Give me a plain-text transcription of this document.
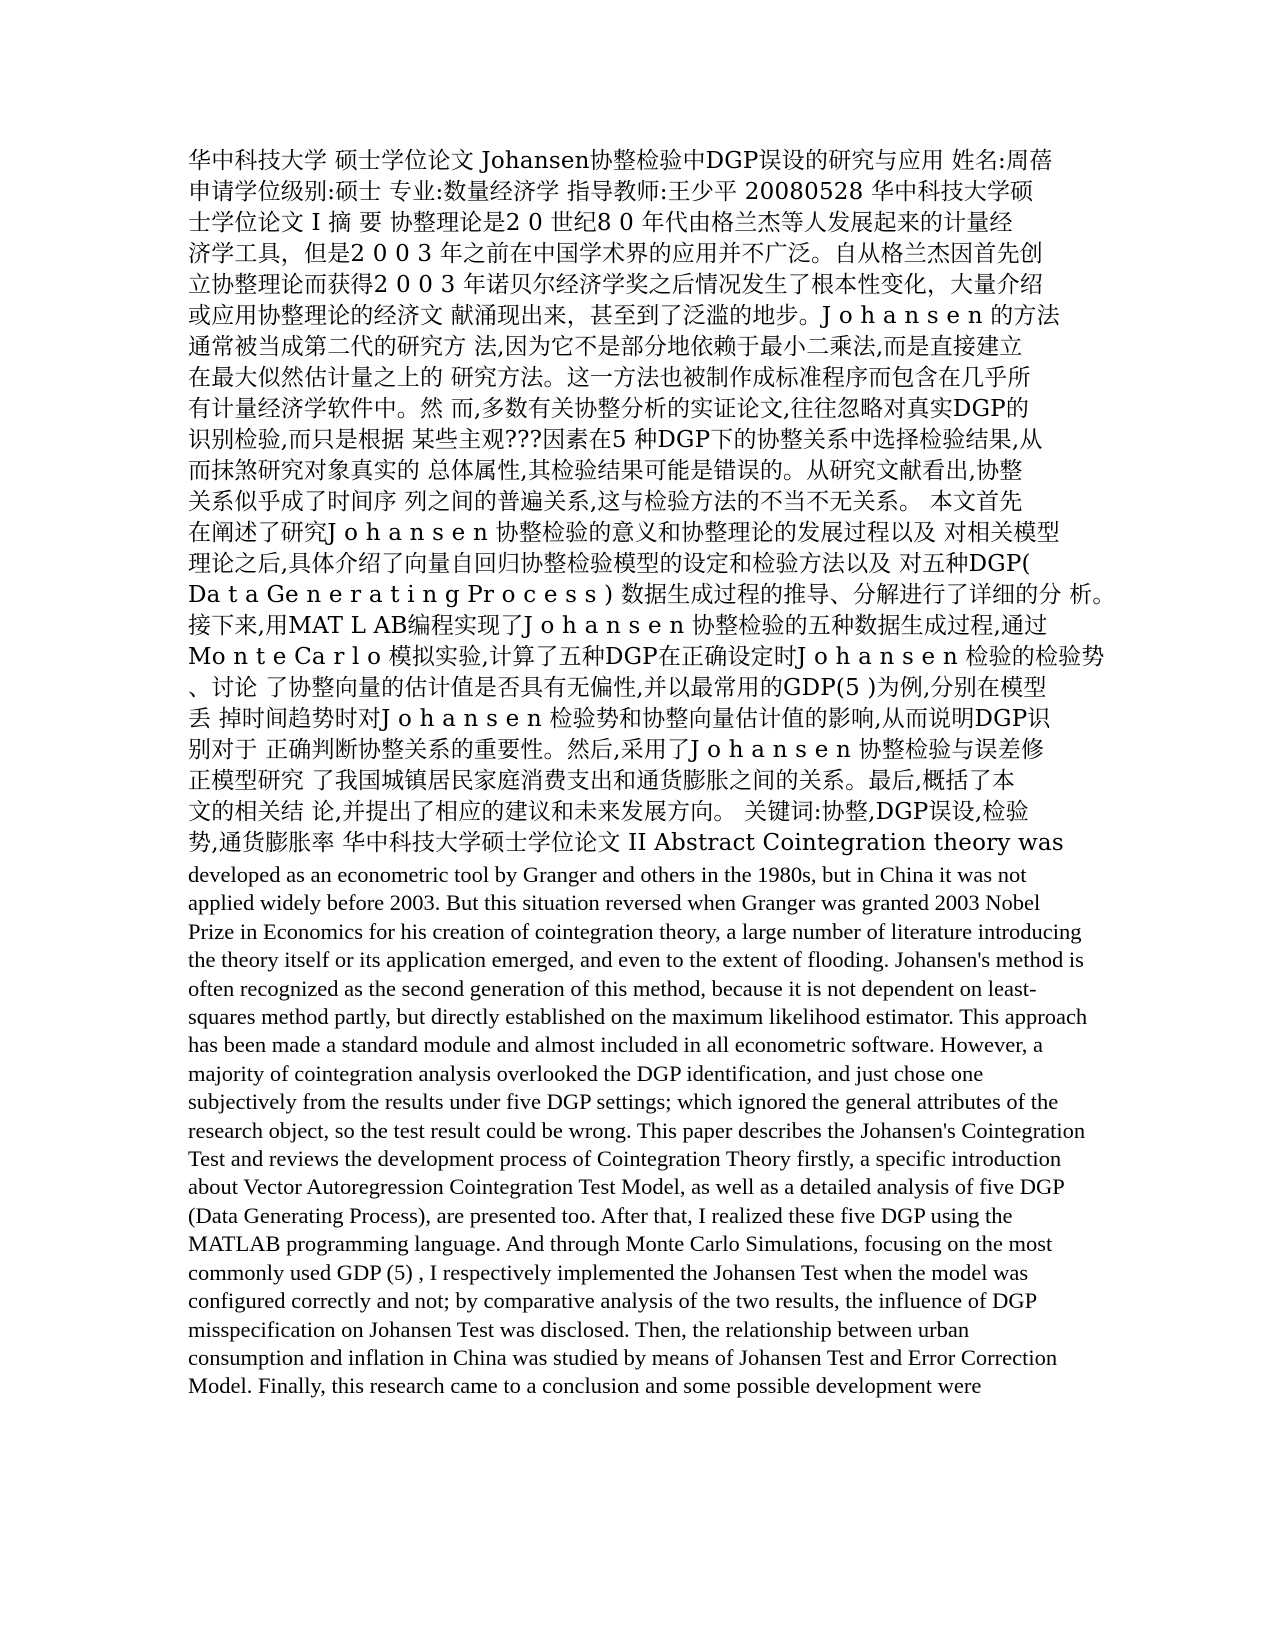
华中科技大学 硕士学位论文 Johansen协整检验中DGP误设的研究与应用 姓名:周蓓
申请学位级别:硕士 专业:数量经济学 指导教师:王少平 20080528 华中科技大学硕
士学位论文 I 摘 要 协整理论是2 0 世纪8 0 年代由格兰杰等人发展起来的计量经
济学工具，但是2 0 0 3 年之前在中国学术界的应用并不广泛。自从格兰杰因首先创
立协整理论而获得2 0 0 3 年诺贝尔经济学奖之后情况发生了根本性变化，大量介绍
或应用协整理论的经济文 献涌现出来，甚至到了泛滥的地步。J o h a n s e n 的方法
通常被当成第二代的研究方 法,因为它不是部分地依赖于最小二乘法,而是直接建立
在最大似然估计量之上的 研究方法。这一方法也被制作成标准程序而包含在几乎所
有计量经济学软件中。然 而,多数有关协整分析的实证论文,往往忽略对真实DGP的
识别检验,而只是根据 某些主观???因素在5 种DGP下的协整关系中选择检验结果,从
而抹煞研究对象真实的 总体属性,其检验结果可能是错误的。从研究文献看出,协整
关系似乎成了时间序 列之间的普遍关系,这与检验方法的不当不无关系。 本文首先
在阐述了研究J o h a n s e n 协整检验的意义和协整理论的发展过程以及 对相关模型
理论之后,具体介绍了向量自回归协整检验模型的设定和检验方法以及 对五种DGP(
Da t a Ge n e r a t i n g Pr o c e s s ) 数据生成过程的推导、分解进行了详细的分 析。
接下来,用MAT L AB编程实现了J o h a n s e n 协整检验的五种数据生成过程,通过
Mo n t e Ca r l o 模拟实验,计算了五种DGP在正确设定时J o h a n s e n 检验的检验势
、讨论 了协整向量的估计值是否具有无偏性,并以最常用的GDP(5 )为例,分别在模型
丢 掉时间趋势时对J o h a n s e n 检验势和协整向量估计值的影响,从而说明DGP识
别对于 正确判断协整关系的重要性。然后,采用了J o h a n s e n 协整检验与误差修
正模型研究 了我国城镇居民家庭消费支出和通货膨胀之间的关系。最后,概括了本
文的相关结 论,并提出了相应的建议和未来发展方向。 关键词:协整,DGP误设,检验
势,通货膨胀率 华中科技大学硕士学位论文 II Abstract Cointegration theory was
developed as an econometric tool by Granger and others in the 1980s, but in China it was not applied widely before 2003. But this situation reversed when Granger was granted 2003 Nobel Prize in Economics for his creation of cointegration theory, a large number of literature introducing the theory itself or its application emerged, and even to the extent of flooding. Johansen's method is often recognized as the second generation of this method, because it is not dependent on least-squares method partly, but directly established on the maximum likelihood estimator. This approach has been made a standard module and almost included in all econometric software. However, a majority of cointegration analysis overlooked the DGP identification, and just chose one subjectively from the results under five DGP settings; which ignored the general attributes of the research object, so the test result could be wrong. This paper describes the Johansen's Cointegration Test and reviews the development process of Cointegration Theory firstly, a specific introduction about Vector Autoregression Cointegration Test Model, as well as a detailed analysis of five DGP (Data Generating Process), are presented too. After that, I realized these five DGP using the MATLAB programming language. And through Monte Carlo Simulations, focusing on the most commonly used GDP (5) , I respectively implemented the Johansen Test when the model was configured correctly and not; by comparative analysis of the two results, the influence of DGP misspecification on Johansen Test was disclosed. Then, the relationship between urban consumption and inflation in China was studied by means of Johansen Test and Error Correction Model. Finally, this research came to a conclusion and some possible development were
